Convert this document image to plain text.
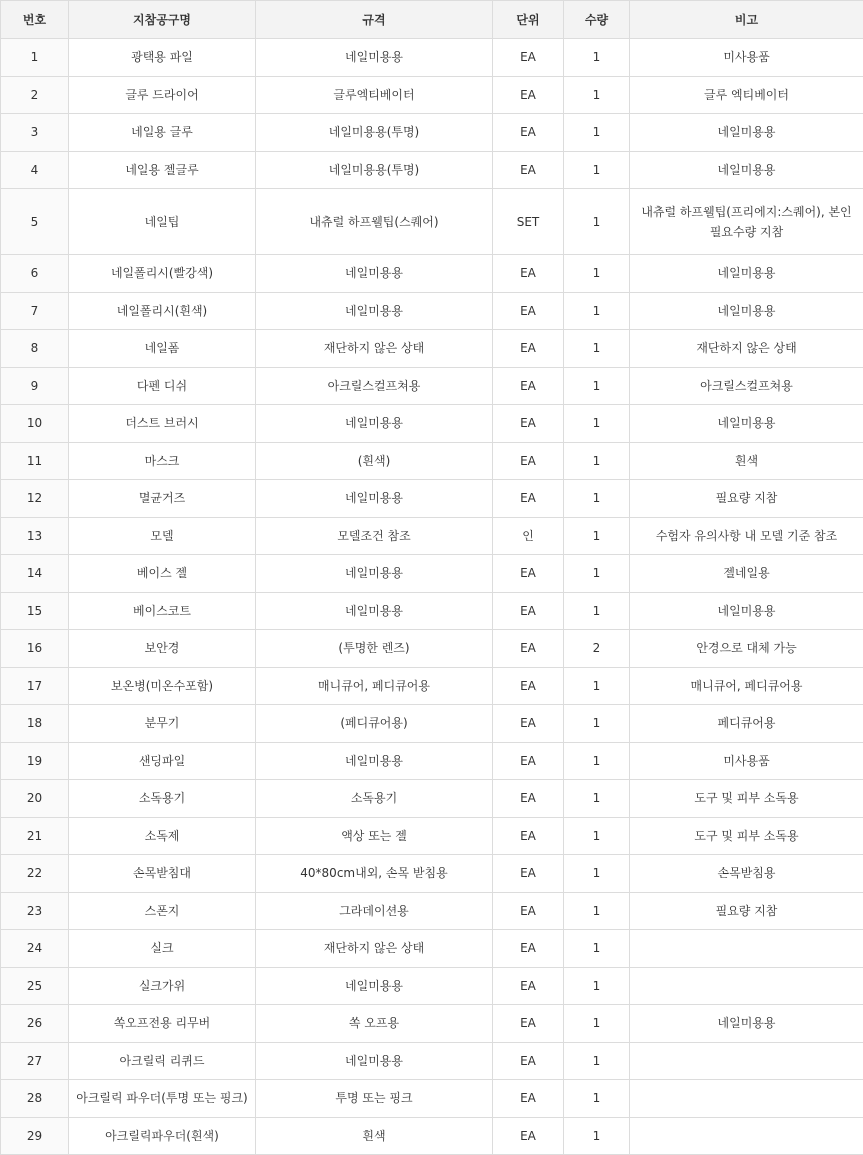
번호	지참공구명	규격	단위	수량	비고
1	광택용 파일	네일미용용	EA	1	미사용품
2	글루 드라이어	글루엑티베이터	EA	1	글루 엑티베이터
3	네일용 글루	네일미용용(투명)	EA	1	네일미용용
4	네일용 젤글루	네일미용용(투명)	EA	1	네일미용용
5	네일팁	내츄럴 하프웰팁(스퀘어)	SET	1	내츄럴 하프웰팁(프리에지:스퀘어), 본인필요수량 지참
6	네일폴리시(빨강색)	네일미용용	EA	1	네일미용용
7	네일폴리시(흰색)	네일미용용	EA	1	네일미용용
8	네일폼	재단하지 않은 상태	EA	1	재단하지 않은 상태
9	다펜 디쉬	아크릴스컬프쳐용	EA	1	아크릴스컬프쳐용
10	더스트 브러시	네일미용용	EA	1	네일미용용
11	마스크	(흰색)	EA	1	흰색
12	멸균거즈	네일미용용	EA	1	필요량 지참
13	모델	모델조건 참조	인	1	수험자 유의사항 내 모델 기준 참조
14	베이스 젤	네일미용용	EA	1	젤네일용
15	베이스코트	네일미용용	EA	1	네일미용용
16	보안경	(투명한 렌즈)	EA	2	안경으로 대체 가능
17	보온병(미온수포함)	매니큐어, 페디큐어용	EA	1	매니큐어, 페디큐어용
18	분무기	(페디큐어용)	EA	1	페디큐어용
19	샌딩파일	네일미용용	EA	1	미사용품
20	소독용기	소독용기	EA	1	도구 및 피부 소독용
21	소독제	액상 또는 젤	EA	1	도구 및 피부 소독용
22	손목받침대	40*80cm내외, 손목 받침용	EA	1	손목받침용
23	스폰지	그라데이션용	EA	1	필요량 지참
24	실크	재단하지 않은 상태	EA	1	
25	실크가위	네일미용용	EA	1	
26	쏙오프전용 리무버	쏙 오프용	EA	1	네일미용용
27	아크릴릭 리퀴드	네일미용용	EA	1	
28	아크릴릭 파우더(투명 또는 핑크)	투명 또는 핑크	EA	1	
29	아크릴릭파우더(흰색)	흰색	EA	1	
